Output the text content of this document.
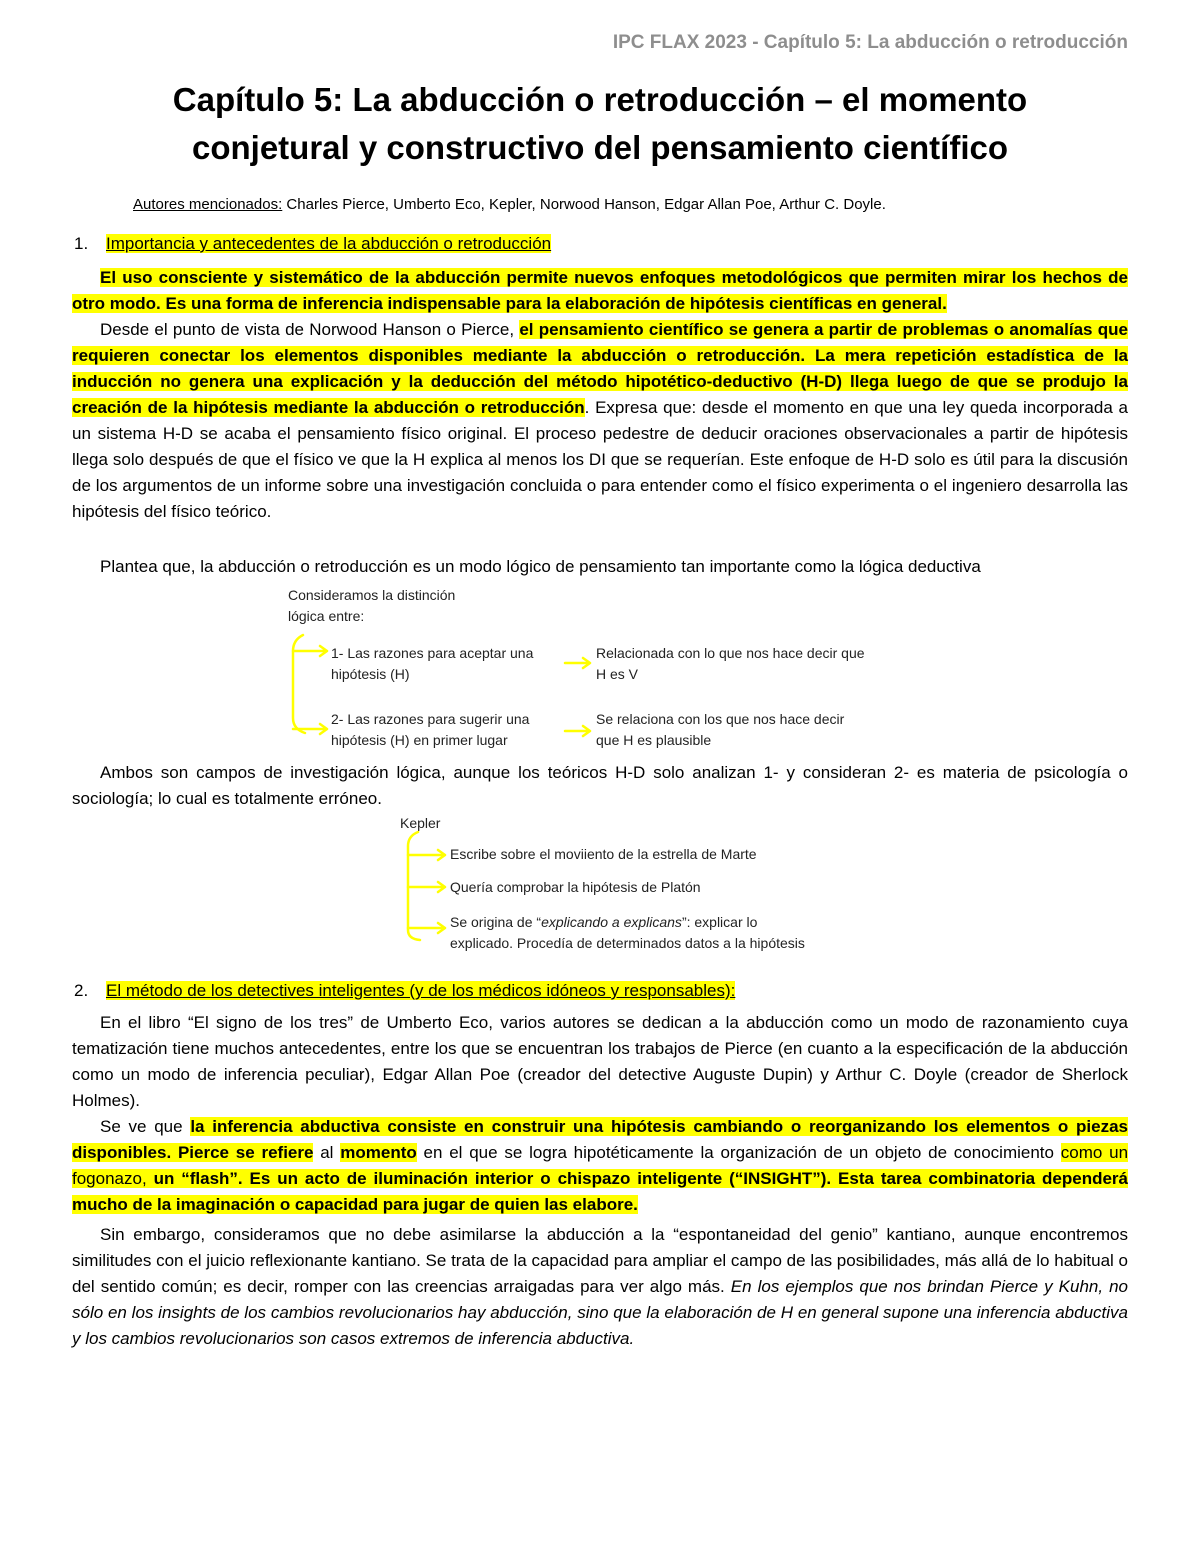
IPC FLAX 2023 - Capítulo 5: La abducción o retroducción
Capítulo 5: La abducción o retroducción – el momento
conjetural y constructivo del pensamiento científico
Autores mencionados: Charles Pierce, Umberto Eco, Kepler, Norwood Hanson, Edgar Allan Poe, Arthur C. Doyle.
1. Importancia y antecedentes de la abducción o retroducción

El uso consciente y sistemático de la abducción permite nuevos enfoques metodológicos que permiten mirar los hechos de otro modo. Es una forma de inferencia indispensable para la elaboración de hipótesis científicas en general.

Desde el punto de vista de Norwood Hanson o Pierce, el pensamiento científico se genera a partir de problemas o anomalías que requieren conectar los elementos disponibles mediante la abducción o retroducción. La mera repetición estadística de la inducción no genera una explicación y la deducción del método hipotético-deductivo (H-D) llega luego de que se produjo la creación de la hipótesis mediante la abducción o retroducción. Expresa que: desde el momento en que una ley queda incorporada a un sistema H-D se acaba el pensamiento físico original. El proceso pedestre de deducir oraciones observacionales a partir de hipótesis llega solo después de que el físico ve que la H explica al menos los DI que se requerían. Este enfoque de H-D solo es útil para la discusión de los argumentos de un informe sobre una investigación concluida o para entender como el físico experimenta o el ingeniero desarrolla las hipótesis del físico teórico.

Plantea que, la abducción o retroducción es un modo lógico de pensamiento tan importante como la lógica deductiva

Consideramos la distinción
lógica entre:
1- Las razones para aceptar una
hipótesis (H)
Relacionada con lo que nos hace decir que
H es V
2- Las razones para sugerir una
hipótesis (H) en primer lugar
Se relaciona con los que nos hace decir
que H es plausible

Ambos son campos de investigación lógica, aunque los teóricos H-D solo analizan 1- y consideran 2- es materia de psicología o sociología; lo cual es totalmente erróneo.

Kepler
Escribe sobre el moviiento de la estrella de Marte
Quería comprobar la hipótesis de Platón
Se origina de “explicando a explicans”: explicar lo
explicado. Procedía de determinados datos a la hipótesis
2. El método de los detectives inteligentes (y de los médicos idóneos y responsables):

En el libro “El signo de los tres” de Umberto Eco, varios autores se dedican a la abducción como un modo de razonamiento cuya tematización tiene muchos antecedentes, entre los que se encuentran los trabajos de Pierce (en cuanto a la especificación de la abducción como un modo de inferencia peculiar), Edgar Allan Poe (creador del detective Auguste Dupin) y Arthur C. Doyle (creador de Sherlock Holmes).

Se ve que la inferencia abductiva consiste en construir una hipótesis cambiando o reorganizando los elementos o piezas disponibles. Pierce se refiere al momento en el que se logra hipotéticamente la organización de un objeto de conocimiento como un fogonazo, un “flash”. Es un acto de iluminación interior o chispazo inteligente (“INSIGHT”). Esta tarea combinatoria dependerá mucho de la imaginación o capacidad para jugar de quien las elabore.

Sin embargo, consideramos que no debe asimilarse la abducción a la “espontaneidad del genio” kantiano, aunque encontremos similitudes con el juicio reflexionante kantiano. Se trata de la capacidad para ampliar el campo de las posibilidades, más allá de lo habitual o del sentido común; es decir, romper con las creencias arraigadas para ver algo más. En los ejemplos que nos brindan Pierce y Kuhn, no sólo en los insights de los cambios revolucionarios hay abducción, sino que la elaboración de H en general supone una inferencia abductiva y los cambios revolucionarios son casos extremos de inferencia abductiva.
